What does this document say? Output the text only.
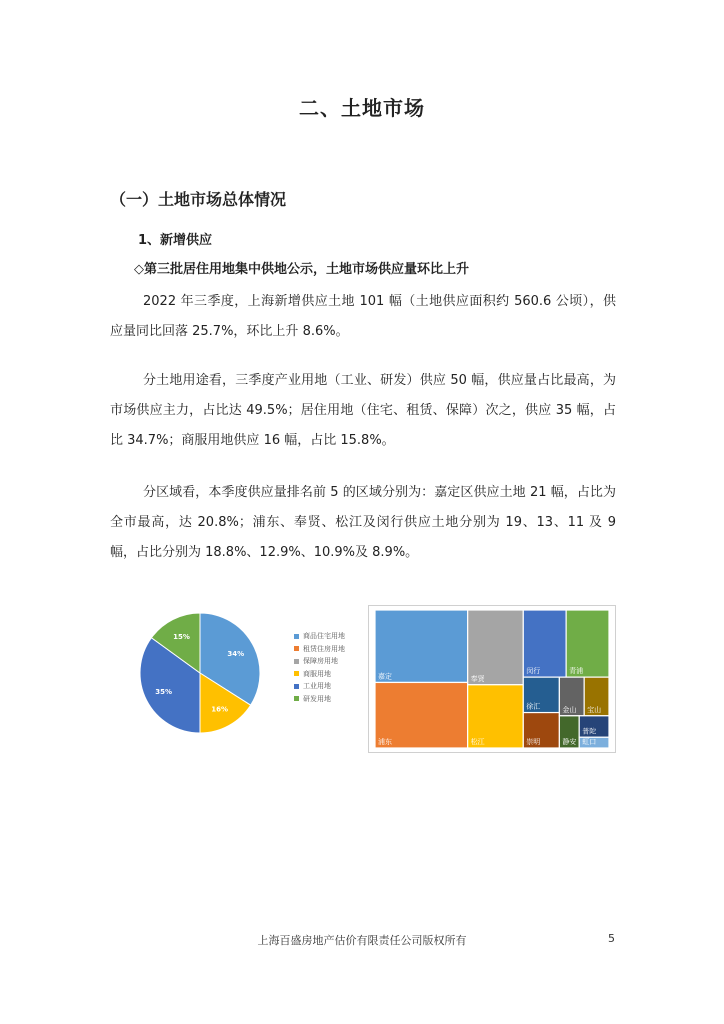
二、土地市场
（一）土地市场总体情况
1、新增供应
◇第三批居住用地集中供地公示，土地市场供应量环比上升

2022 年三季度，上海新增供应土地 101 幅（土地供应面积约 560.6 公顷），供应量同比回落 25.7%，环比上升 8.6%。

分土地用途看，三季度产业用地（工业、研发）供应 50 幅，供应量占比最高，为市场供应主力，占比达 49.5%；居住用地（住宅、租赁、保障）次之，供应 35 幅，占比 34.7%；商服用地供应 16 幅，占比 15.8%。

分区域看，本季度供应量排名前 5 的区域分别为：嘉定区供应土地 21 幅，占比为全市最高，达 20.8%；浦东、奉贤、松江及闵行供应土地分别为 19、13、11 及 9 幅，占比分别为 18.8%、12.9%、10.9%及 8.9%。

34%
16%
35%
15%	商品住宅用地
租赁住房用地
保障房用地
商服用地
工业用地
研发用地
嘉定
浦东
奉贤
松江
闵行	青浦
徐汇
崇明
金山 宝山
静安
普陀
虹口
上海百盛房地产估价有限责任公司版权所有	5
